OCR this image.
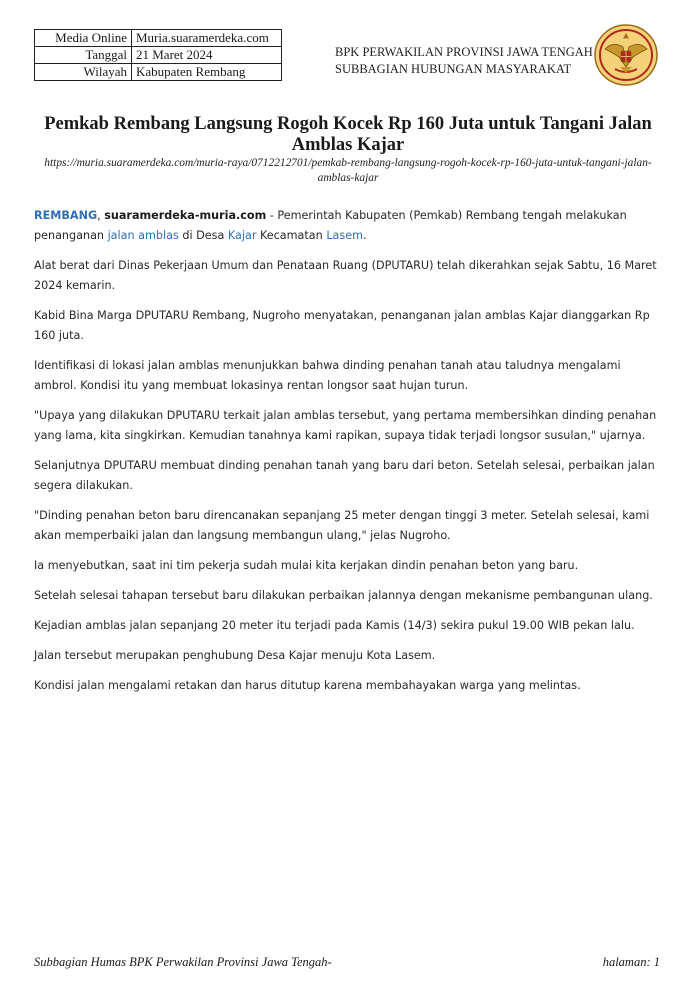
Media Online	Muria.suaramerdeka.com
Tanggal	21 Maret 2024
Wilayah	Kabupaten Rembang
BPK PERWAKILAN PROVINSI JAWA TENGAH
SUBBAGIAN HUBUNGAN MASYARAKAT
Pemkab Rembang Langsung Rogoh Kocek Rp 160 Juta untuk Tangani Jalan Amblas Kajar
https://muria.suaramerdeka.com/muria-raya/0712212701/pemkab-rembang-langsung-rogoh-kocek-rp-160-juta-untuk-tangani-jalan-amblas-kajar

REMBANG, suaramerdeka-muria.com - Pemerintah Kabupaten (Pemkab) Rembang tengah melakukan penanganan jalan amblas di Desa Kajar Kecamatan Lasem.

Alat berat dari Dinas Pekerjaan Umum dan Penataan Ruang (DPUTARU) telah dikerahkan sejak Sabtu, 16 Maret 2024 kemarin.

Kabid Bina Marga DPUTARU Rembang, Nugroho menyatakan, penanganan jalan amblas Kajar dianggarkan Rp 160 juta.

Identifikasi di lokasi jalan amblas menunjukkan bahwa dinding penahan tanah atau taludnya mengalami ambrol. Kondisi itu yang membuat lokasinya rentan longsor saat hujan turun.

"Upaya yang dilakukan DPUTARU terkait jalan amblas tersebut, yang pertama membersihkan dinding penahan yang lama, kita singkirkan. Kemudian tanahnya kami rapikan, supaya tidak terjadi longsor susulan," ujarnya.

Selanjutnya DPUTARU membuat dinding penahan tanah yang baru dari beton. Setelah selesai, perbaikan jalan segera dilakukan.

"Dinding penahan beton baru direncanakan sepanjang 25 meter dengan tinggi 3 meter. Setelah selesai, kami akan memperbaiki jalan dan langsung membangun ulang," jelas Nugroho.

Ia menyebutkan, saat ini tim pekerja sudah mulai kita kerjakan dindin penahan beton yang baru.

Setelah selesai tahapan tersebut baru dilakukan perbaikan jalannya dengan mekanisme pembangunan ulang.

Kejadian amblas jalan sepanjang 20 meter itu terjadi pada Kamis (14/3) sekira pukul 19.00 WIB pekan lalu.

Jalan tersebut merupakan penghubung Desa Kajar menuju Kota Lasem.

Kondisi jalan mengalami retakan dan harus ditutup karena membahayakan warga yang melintas.

Subbagian Humas BPK Perwakilan Provinsi Jawa Tengah-	halaman: 1
